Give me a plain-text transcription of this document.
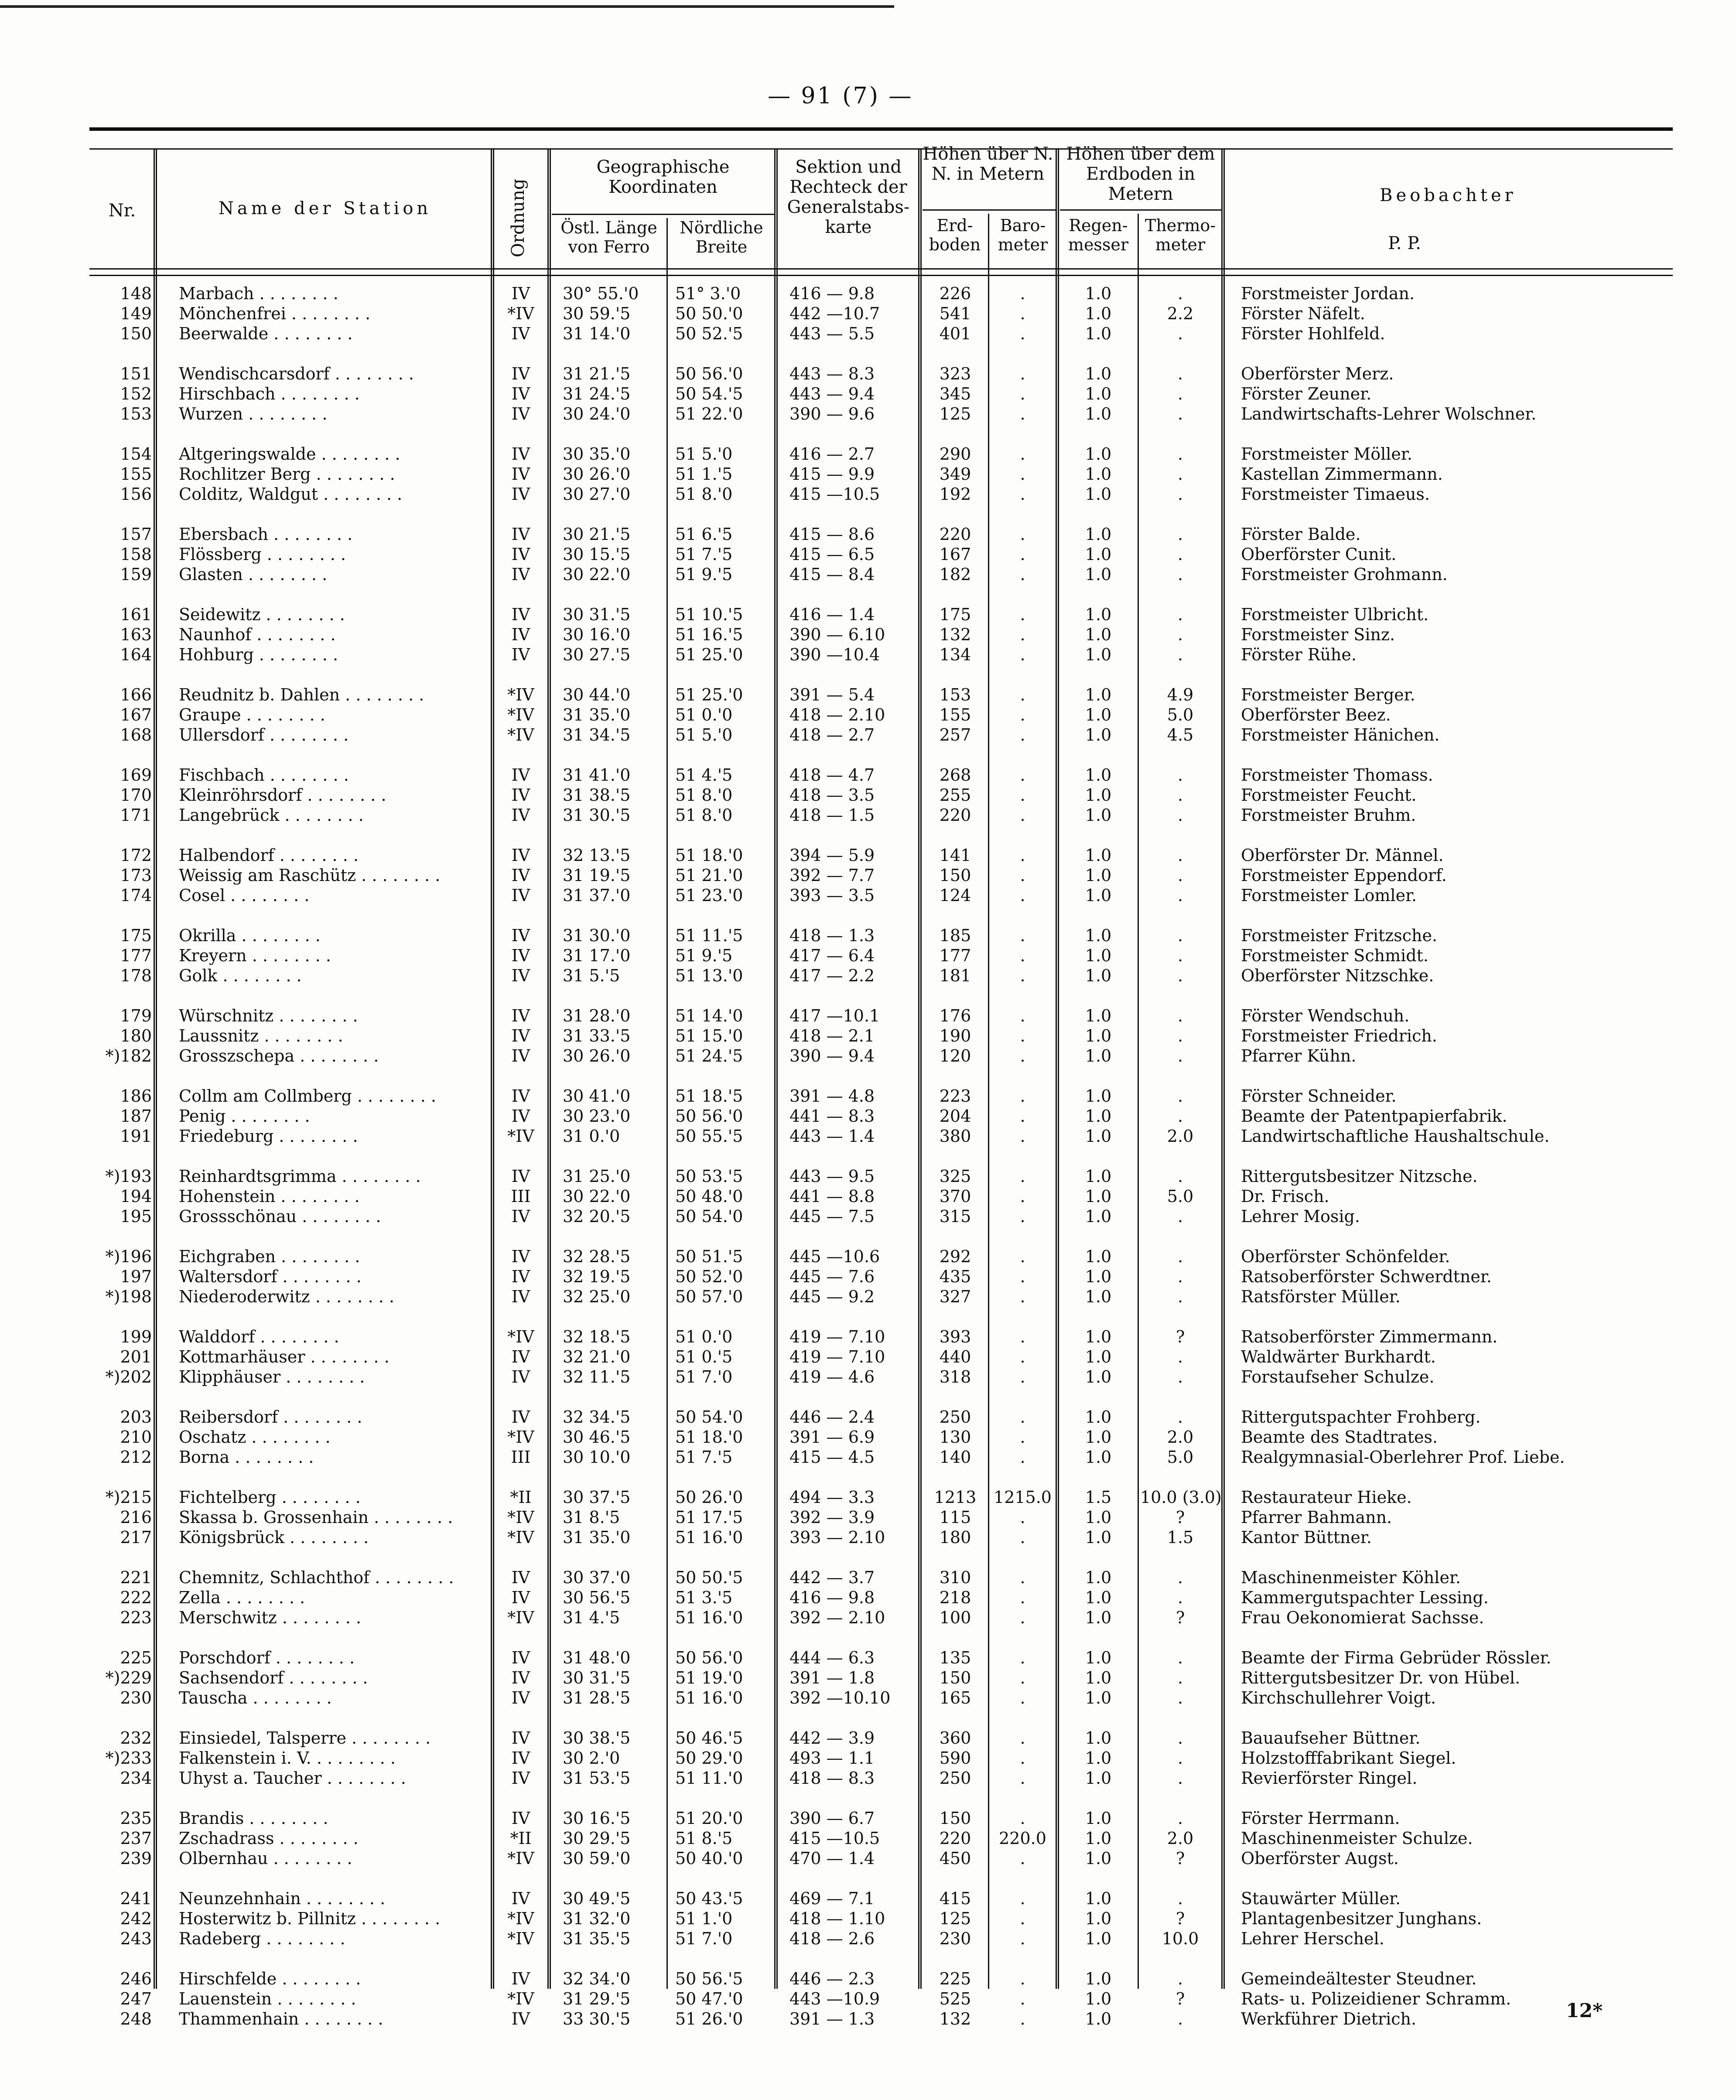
— 91 (7) —
Nr.	Name der Station	Ordnung
Geographische Koordinaten
Östl. Länge von Ferro
Nördliche Breite
Sektion und Rechteck der Generalstabs-karte
Höhen über N. N. in Metern
Erd-boden
Baro-meter
Höhen über dem Erdboden in Metern
Regen-messer
Thermo-meter
Beobachter
P. P.
148 Marbach . . . . . . . .	IV	30° 55.'0	51° 3.'0	416 — 9.8	226	.	1.0	.	Forstmeister Jordan.
149 Mönchenfrei . . . . . . . .	*IV	30 59.'5	50 50.'0	442 —10.7	541	.	1.0	2.2	Förster Näfelt.
150 Beerwalde . . . . . . . .	IV	31 14.'0	50 52.'5	443 — 5.5	401	.	1.0	.	Förster Hohlfeld.
151 Wendischcarsdorf . . . . . . . .	IV	31 21.'5	50 56.'0	443 — 8.3	323	.	1.0	.	Oberförster Merz.
152 Hirschbach . . . . . . . .	IV	31 24.'5	50 54.'5	443 — 9.4	345	.	1.0	.	Förster Zeuner.
153 Wurzen . . . . . . . .	IV	30 24.'0	51 22.'0	390 — 9.6	125	.	1.0	.	Landwirtschafts-Lehrer Wolschner.
154 Altgeringswalde . . . . . . . .	IV	30 35.'0	51 5.'0	416 — 2.7	290	.	1.0	.	Forstmeister Möller.
155 Rochlitzer Berg . . . . . . . .	IV	30 26.'0	51 1.'5	415 — 9.9	349	.	1.0	.	Kastellan Zimmermann.
156 Colditz, Waldgut . . . . . . . .	IV	30 27.'0	51 8.'0	415 —10.5	192	.	1.0	.	Forstmeister Timaeus.
157 Ebersbach . . . . . . . .	IV	30 21.'5	51 6.'5	415 — 8.6	220	.	1.0	.	Förster Balde.
158 Flössberg . . . . . . . .	IV	30 15.'5	51 7.'5	415 — 6.5	167	.	1.0	.	Oberförster Cunit.
159 Glasten . . . . . . . .	IV	30 22.'0	51 9.'5	415 — 8.4	182	.	1.0	.	Forstmeister Grohmann.
161 Seidewitz . . . . . . . .	IV	30 31.'5	51 10.'5	416 — 1.4	175	.	1.0	.	Forstmeister Ulbricht.
163 Naunhof . . . . . . . .	IV	30 16.'0	51 16.'5	390 — 6.10	132	.	1.0	.	Forstmeister Sinz.
164 Hohburg . . . . . . . .	IV	30 27.'5	51 25.'0	390 —10.4	134	.	1.0	.	Förster Rühe.
166 Reudnitz b. Dahlen . . . . . . . .	*IV	30 44.'0	51 25.'0	391 — 5.4	153	.	1.0	4.9	Forstmeister Berger.
167 Graupe . . . . . . . .	*IV	31 35.'0	51 0.'0	418 — 2.10	155	.	1.0	5.0	Oberförster Beez.
168 Ullersdorf . . . . . . . .	*IV	31 34.'5	51 5.'0	418 — 2.7	257	.	1.0	4.5	Forstmeister Hänichen.
169 Fischbach . . . . . . . .	IV	31 41.'0	51 4.'5	418 — 4.7	268	.	1.0	.	Forstmeister Thomass.
170 Kleinröhrsdorf . . . . . . . .	IV	31 38.'5	51 8.'0	418 — 3.5	255	.	1.0	.	Forstmeister Feucht.
171 Langebrück . . . . . . . .	IV	31 30.'5	51 8.'0	418 — 1.5	220	.	1.0	.	Forstmeister Bruhm.
172 Halbendorf . . . . . . . .	IV	32 13.'5	51 18.'0	394 — 5.9	141	.	1.0	.	Oberförster Dr. Männel.
173 Weissig am Raschütz . . . . . . . .	IV	31 19.'5	51 21.'0	392 — 7.7	150	.	1.0	.	Forstmeister Eppendorf.
174 Cosel . . . . . . . .	IV	31 37.'0	51 23.'0	393 — 3.5	124	.	1.0	.	Forstmeister Lomler.
175 Okrilla . . . . . . . .	IV	31 30.'0	51 11.'5	418 — 1.3	185	.	1.0	.	Forstmeister Fritzsche.
177 Kreyern . . . . . . . .	IV	31 17.'0	51 9.'5	417 — 6.4	177	.	1.0	.	Forstmeister Schmidt.
178 Golk . . . . . . . .	IV	31 5.'5	51 13.'0	417 — 2.2	181	.	1.0	.	Oberförster Nitzschke.
179 Würschnitz . . . . . . . .	IV	31 28.'0	51 14.'0	417 —10.1	176	.	1.0	.	Förster Wendschuh.
180 Laussnitz . . . . . . . .	IV	31 33.'5	51 15.'0	418 — 2.1	190	.	1.0	.	Forstmeister Friedrich.
*)182 Grosszschepa . . . . . . . .	IV	30 26.'0	51 24.'5	390 — 9.4	120	.	1.0	.	Pfarrer Kühn.
186 Collm am Collmberg . . . . . . . .	IV	30 41.'0	51 18.'5	391 — 4.8	223	.	1.0	.	Förster Schneider.
187 Penig . . . . . . . .	IV	30 23.'0	50 56.'0	441 — 8.3	204	.	1.0	.	Beamte der Patentpapierfabrik.
191 Friedeburg . . . . . . . .	*IV	31 0.'0	50 55.'5	443 — 1.4	380	.	1.0	2.0	Landwirtschaftliche Haushaltschule.
*)193 Reinhardtsgrimma . . . . . . . .	IV	31 25.'0	50 53.'5	443 — 9.5	325	.	1.0	.	Rittergutsbesitzer Nitzsche.
194 Hohenstein . . . . . . . .	III	30 22.'0	50 48.'0	441 — 8.8	370	.	1.0	5.0	Dr. Frisch.
195 Grossschönau . . . . . . . .	IV	32 20.'5	50 54.'0	445 — 7.5	315	.	1.0	.	Lehrer Mosig.
*)196 Eichgraben . . . . . . . .	IV	32 28.'5	50 51.'5	445 —10.6	292	.	1.0	.	Oberförster Schönfelder.
197 Waltersdorf . . . . . . . .	IV	32 19.'5	50 52.'0	445 — 7.6	435	.	1.0	.	Ratsoberförster Schwerdtner.
*)198 Niederoderwitz . . . . . . . .	IV	32 25.'0	50 57.'0	445 — 9.2	327	.	1.0	.	Ratsförster Müller.
199 Walddorf . . . . . . . .	*IV	32 18.'5	51 0.'0	419 — 7.10	393	.	1.0	?	Ratsoberförster Zimmermann.
201 Kottmarhäuser . . . . . . . .	IV	32 21.'0	51 0.'5	419 — 7.10	440	.	1.0	.	Waldwärter Burkhardt.
*)202 Klipphäuser . . . . . . . .	IV	32 11.'5	51 7.'0	419 — 4.6	318	.	1.0	.	Forstaufseher Schulze.
203 Reibersdorf . . . . . . . .	IV	32 34.'5	50 54.'0	446 — 2.4	250	.	1.0	.	Rittergutspachter Frohberg.
210 Oschatz . . . . . . . .	*IV	30 46.'5	51 18.'0	391 — 6.9	130	.	1.0	2.0	Beamte des Stadtrates.
212 Borna . . . . . . . .	III	30 10.'0	51 7.'5	415 — 4.5	140	.	1.0	5.0	Realgymnasial-Oberlehrer Prof. Liebe.
*)215 Fichtelberg . . . . . . . .	*II	30 37.'5	50 26.'0	494 — 3.3	1213	1215.0	1.5	10.0 (3.0) Restaurateur Hieke.
216 Skassa b. Grossenhain . . . . . . . .	*IV	31 8.'5	51 17.'5	392 — 3.9	115	.	1.0	?	Pfarrer Bahmann.
217 Königsbrück . . . . . . . .	*IV	31 35.'0	51 16.'0	393 — 2.10	180	.	1.0	1.5	Kantor Büttner.
221 Chemnitz, Schlachthof . . . . . . . .	IV	30 37.'0	50 50.'5	442 — 3.7	310	.	1.0	.	Maschinenmeister Köhler.
222 Zella . . . . . . . .	IV	30 56.'5	51 3.'5	416 — 9.8	218	.	1.0	.	Kammergutspachter Lessing.
223 Merschwitz . . . . . . . .	*IV	31 4.'5	51 16.'0	392 — 2.10	100	.	1.0	?	Frau Oekonomierat Sachsse.
225 Porschdorf . . . . . . . .	IV	31 48.'0	50 56.'0	444 — 6.3	135	.	1.0	.	Beamte der Firma Gebrüder Rössler.
*)229 Sachsendorf . . . . . . . .	IV	30 31.'5	51 19.'0	391 — 1.8	150	.	1.0	.	Rittergutsbesitzer Dr. von Hübel.
230 Tauscha . . . . . . . .	IV	31 28.'5	51 16.'0	392 —10.10	165	.	1.0	.	Kirchschullehrer Voigt.
232 Einsiedel, Talsperre . . . . . . . .	IV	30 38.'5	50 46.'5	442 — 3.9	360	.	1.0	.	Bauaufseher Büttner.
*)233 Falkenstein i. V. . . . . . . . .	IV	30 2.'0	50 29.'0	493 — 1.1	590	.	1.0	.	Holzstofffabrikant Siegel.
234 Uhyst a. Taucher . . . . . . . .	IV	31 53.'5	51 11.'0	418 — 8.3	250	.	1.0	.	Revierförster Ringel.
235 Brandis . . . . . . . .	IV	30 16.'5	51 20.'0	390 — 6.7	150	.	1.0	.	Förster Herrmann.
237 Zschadrass . . . . . . . .	*II	30 29.'5	51 8.'5	415 —10.5	220	220.0	1.0	2.0	Maschinenmeister Schulze.
239 Olbernhau . . . . . . . .	*IV	30 59.'0	50 40.'0	470 — 1.4	450	.	1.0	?	Oberförster Augst.
241 Neunzehnhain . . . . . . . .	IV	30 49.'5	50 43.'5	469 — 7.1	415	.	1.0	.	Stauwärter Müller.
242 Hosterwitz b. Pillnitz . . . . . . . .	*IV	31 32.'0	51 1.'0	418 — 1.10	125	.	1.0	?	Plantagenbesitzer Junghans.
243 Radeberg . . . . . . . .	*IV	31 35.'5	51 7.'0	418 — 2.6	230	.	1.0	10.0	Lehrer Herschel.
246 Hirschfelde . . . . . . . .	IV	32 34.'0	50 56.'5	446 — 2.3	225	.	1.0	.	Gemeindeältester Steudner.
247 Lauenstein . . . . . . . .	*IV	31 29.'5	50 47.'0	443 —10.9	525	.	1.0	?	Rats- u. Polizeidiener Schramm.
248 Thammenhain . . . . . . . .	IV	33 30.'5	51 26.'0	391 — 1.3	132	.	1.0	.	Werkführer Dietrich.	12*
